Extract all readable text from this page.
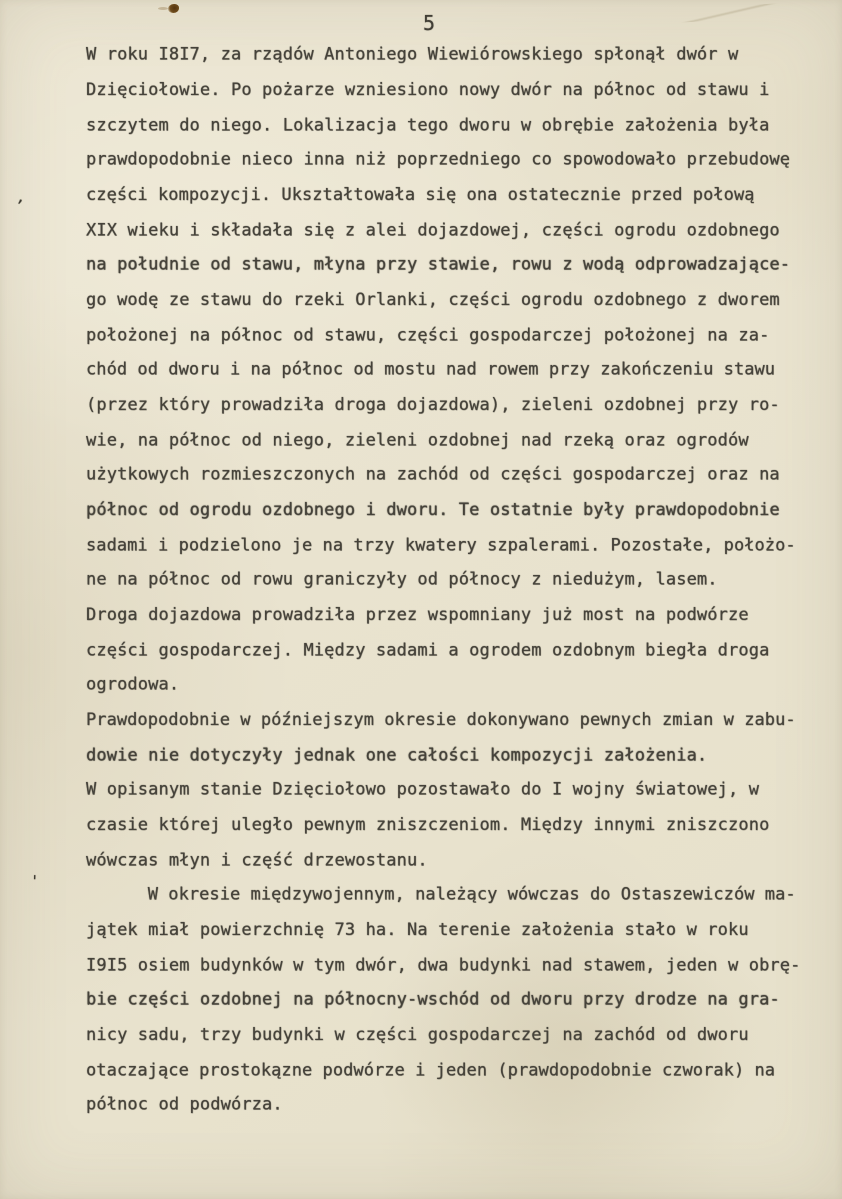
5
,
'
W roku I8I7, za rządów Antoniego Wiewiórowskiego spłonął dwór w
Dzięciołowie. Po pożarze wzniesiono nowy dwór na północ od stawu i
szczytem do niego. Lokalizacja tego dworu w obrębie założenia była
prawdopodobnie nieco inna niż poprzedniego co spowodowało przebudowę
części kompozycji. Ukształtowała się ona ostatecznie przed połową
XIX wieku i składała się z alei dojazdowej, części ogrodu ozdobnego
na południe od stawu, młyna przy stawie, rowu z wodą odprowadzające-
go wodę ze stawu do rzeki Orlanki, części ogrodu ozdobnego z dworem
położonej na północ od stawu, części gospodarczej położonej na za-
chód od dworu i na północ od mostu nad rowem przy zakończeniu stawu
(przez który prowadziła droga dojazdowa), zieleni ozdobnej przy ro-
wie, na północ od niego, zieleni ozdobnej nad rzeką oraz ogrodów
użytkowych rozmieszczonych na zachód od części gospodarczej oraz na
północ od ogrodu ozdobnego i dworu. Te ostatnie były prawdopodobnie
sadami i podzielono je na trzy kwatery szpalerami. Pozostałe, położo-
ne na północ od rowu graniczyły od północy z niedużym, lasem.
Droga dojazdowa prowadziła przez wspomniany już most na podwórze
części gospodarczej. Między sadami a ogrodem ozdobnym biegła droga
ogrodowa.
Prawdopodobnie w późniejszym okresie dokonywano pewnych zmian w zabu-
dowie nie dotyczyły jednak one całości kompozycji założenia.
W opisanym stanie Dzięciołowo pozostawało do I wojny światowej, w
czasie której uległo pewnym zniszczeniom. Między innymi zniszczono
wówczas młyn i część drzewostanu.
W okresie międzywojennym, należący wówczas do Ostaszewiczów ma-
jątek miał powierzchnię 73 ha. Na terenie założenia stało w roku
I9I5 osiem budynków w tym dwór, dwa budynki nad stawem, jeden w obrę-
bie części ozdobnej na północny-wschód od dworu przy drodze na gra-
nicy sadu, trzy budynki w części gospodarczej na zachód od dworu
otaczające prostokązne podwórze i jeden (prawdopodobnie czworak) na
północ od podwórza.
